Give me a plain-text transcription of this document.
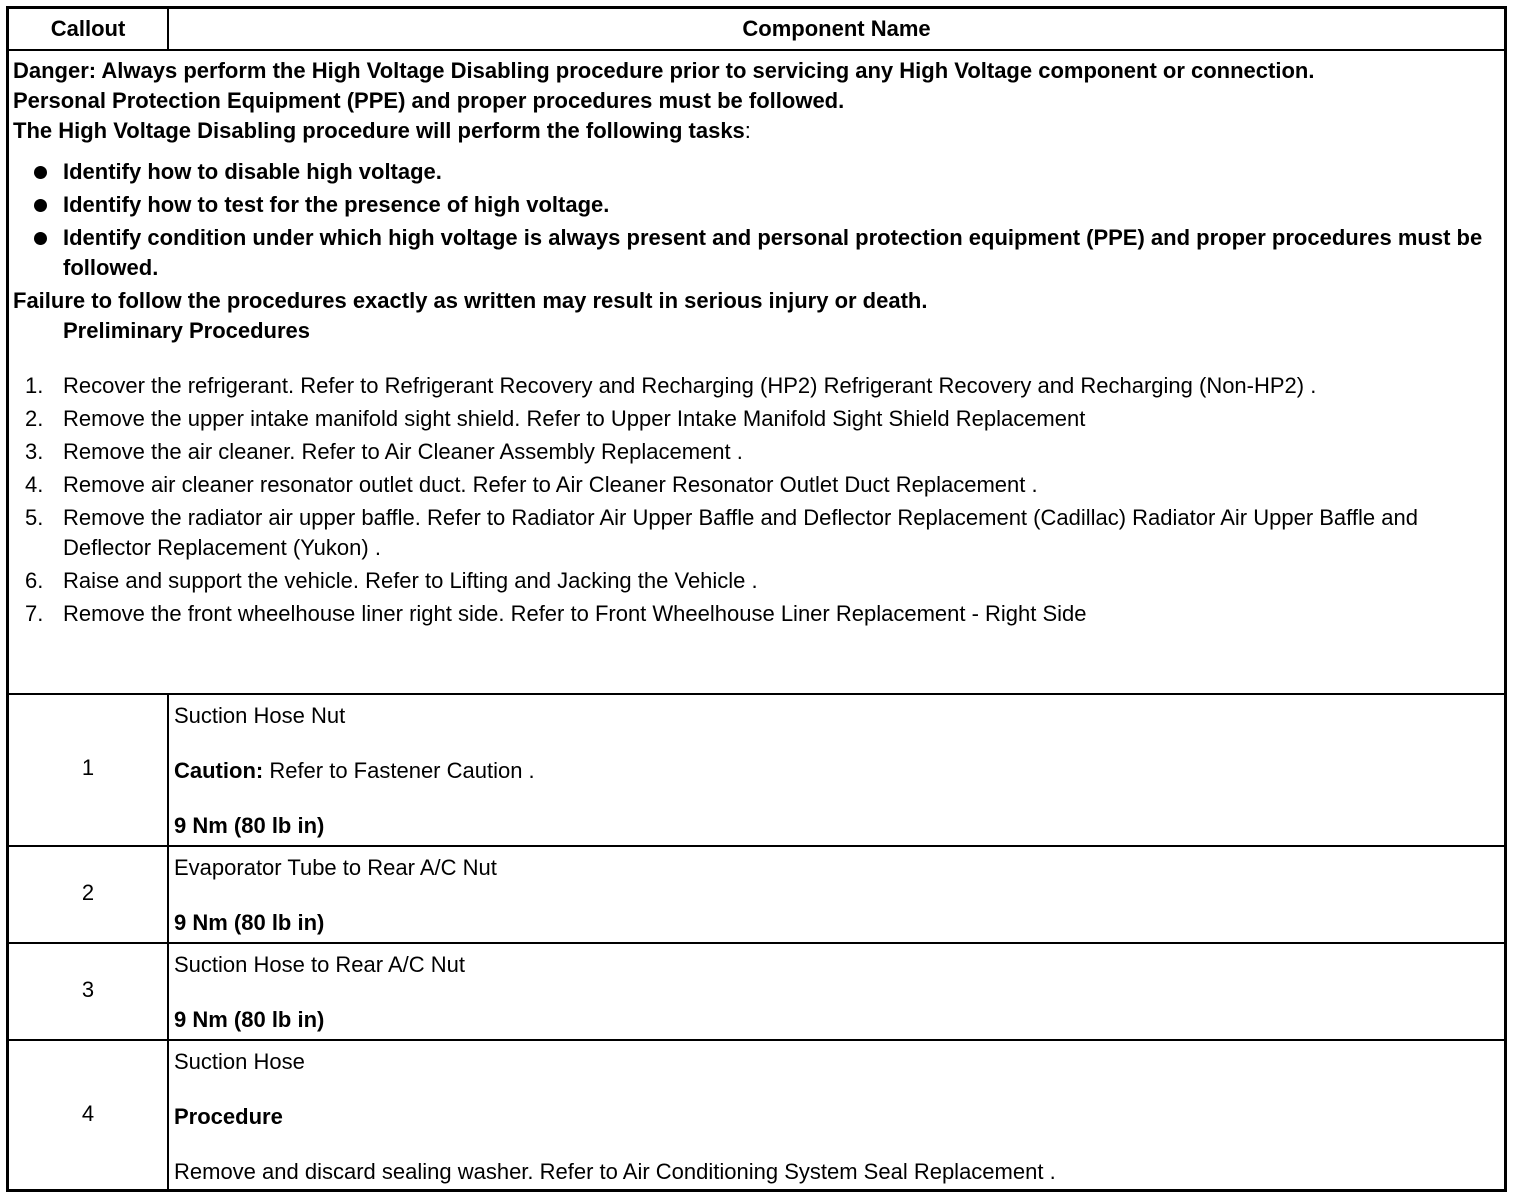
Callout	Component Name

Danger: Always perform the High Voltage Disabling procedure prior to servicing any High Voltage component or connection.

Personal Protection Equipment (PPE) and proper procedures must be followed.

The High Voltage Disabling procedure will perform the following tasks:

Identify how to disable high voltage.
Identify how to test for the presence of high voltage.
Identify condition under which high voltage is always present and personal protection equipment (PPE) and proper procedures must be followed.

Failure to follow the procedures exactly as written may result in serious injury or death.

Preliminary Procedures

1. Recover the refrigerant. Refer to Refrigerant Recovery and Recharging (HP2) Refrigerant Recovery and Recharging (Non-HP2) .
2. Remove the upper intake manifold sight shield. Refer to Upper Intake Manifold Sight Shield Replacement
3. Remove the air cleaner. Refer to Air Cleaner Assembly Replacement .
4. Remove air cleaner resonator outlet duct. Refer to Air Cleaner Resonator Outlet Duct Replacement .
5. Remove the radiator air upper baffle. Refer to Radiator Air Upper Baffle and Deflector Replacement (Cadillac) Radiator Air Upper Baffle and Deflector Replacement (Yukon) .
6. Raise and support the vehicle. Refer to Lifting and Jacking the Vehicle .
7. Remove the front wheelhouse liner right side. Refer to Front Wheelhouse Liner Replacement - Right Side
1

Suction Hose Nut

Caution: Refer to Fastener Caution .

9 Nm (80 lb in)

2

Evaporator Tube to Rear A/C Nut

9 Nm (80 lb in)

3

Suction Hose to Rear A/C Nut

9 Nm (80 lb in)

4

Suction Hose

Procedure

Remove and discard sealing washer. Refer to Air Conditioning System Seal Replacement .
